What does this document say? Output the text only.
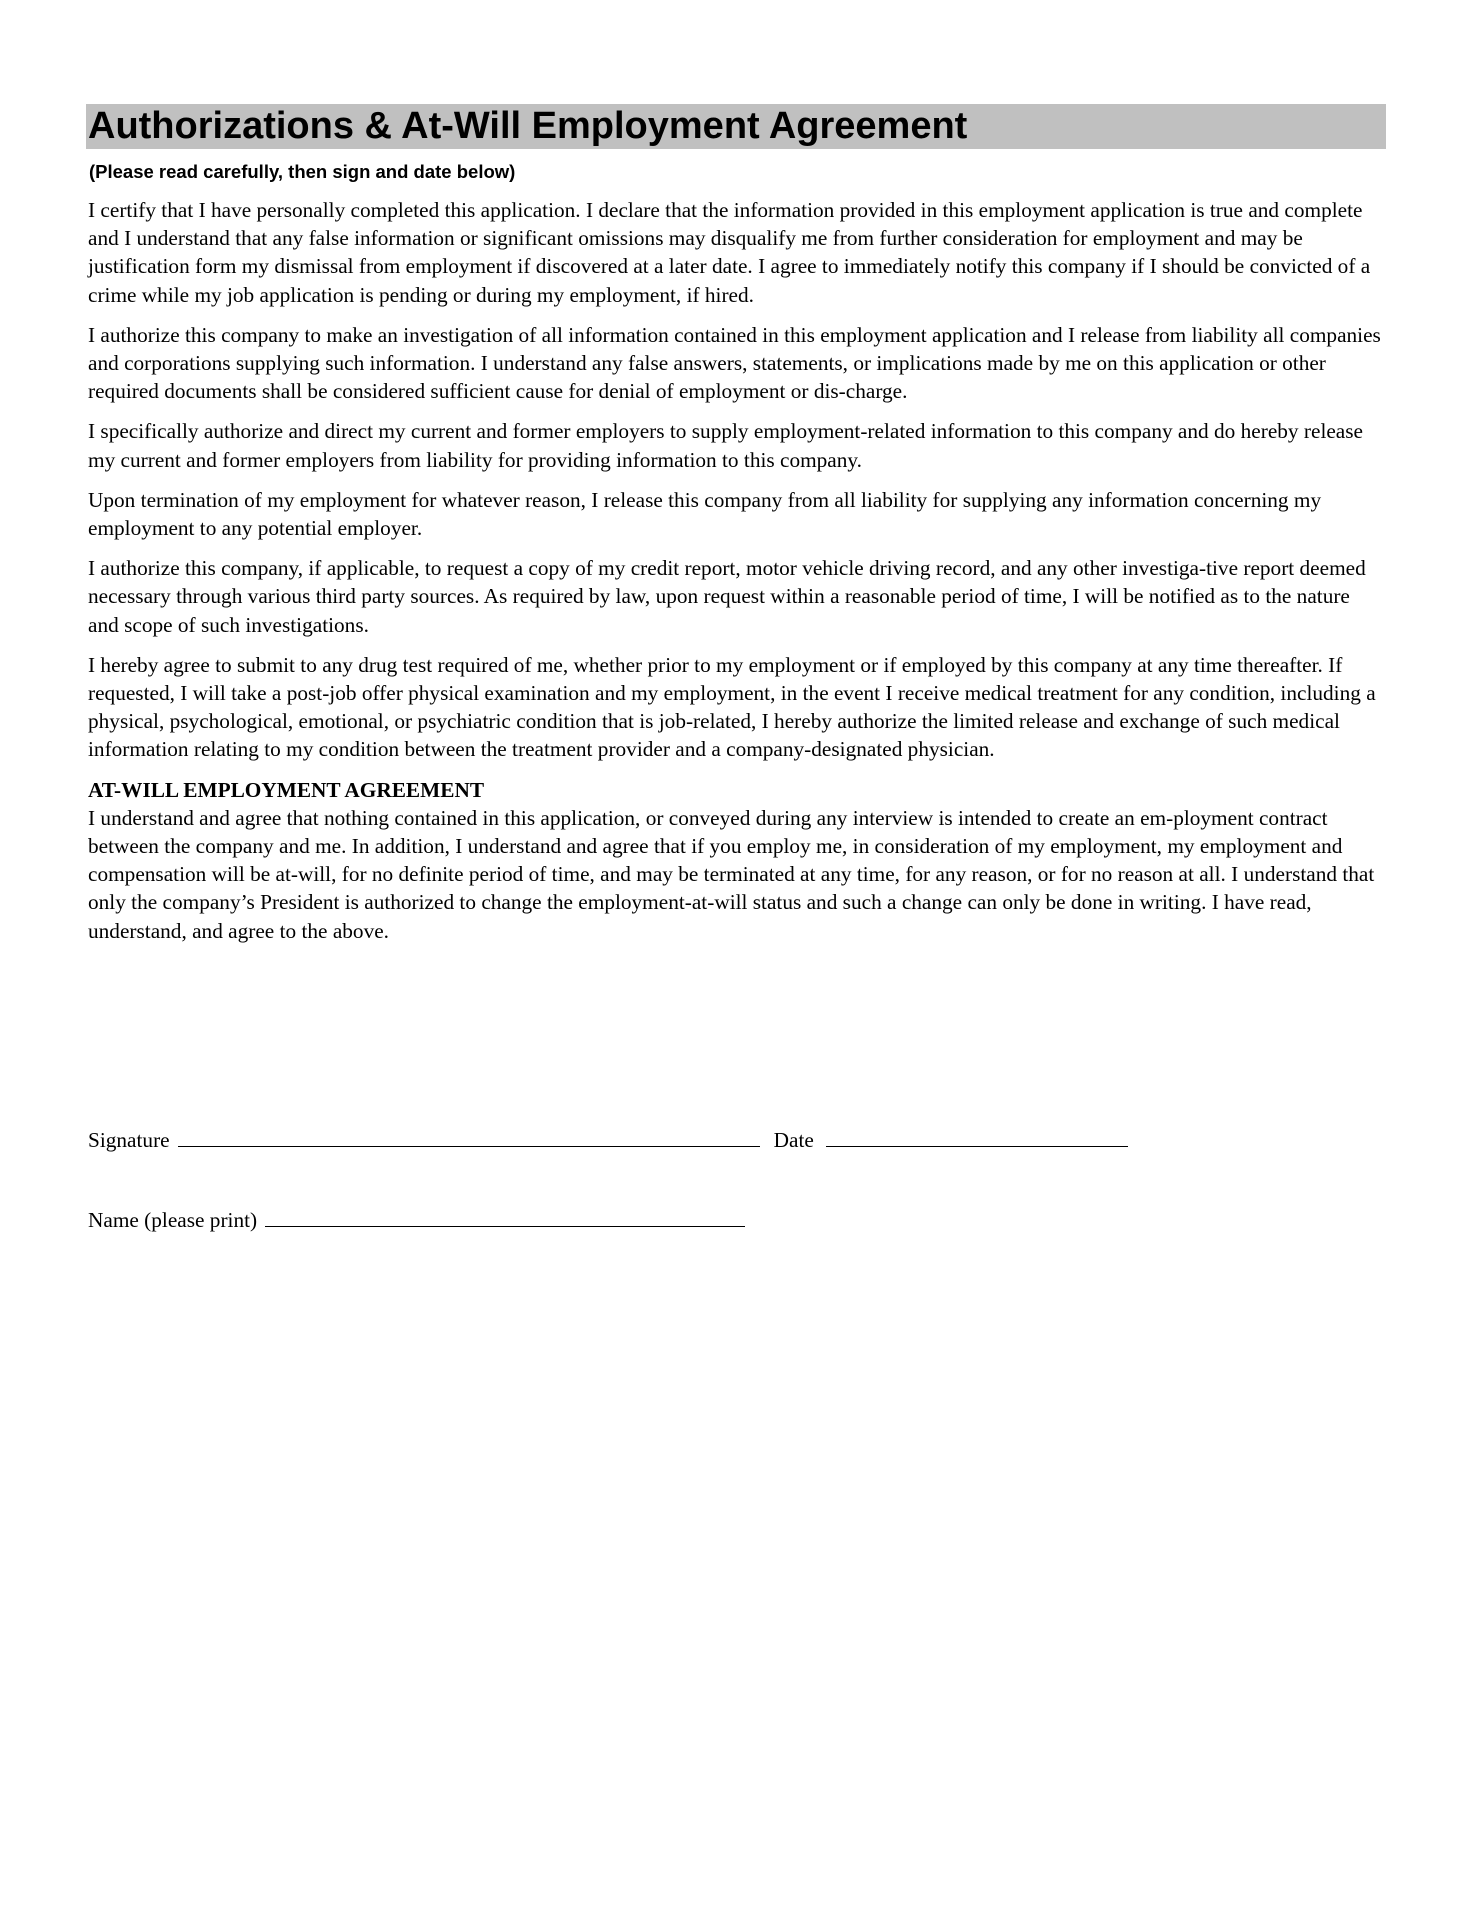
Authorizations & At-Will Employment Agreement
(Please read carefully, then sign and date below)

I certify that I have personally completed this application. I declare that the information provided in this employment application is true and complete and I understand that any false information or significant omissions may disqualify me from further consideration for employment and may be justification form my dismissal from employment if discovered at a later date. I agree to immediately notify this company if I should be convicted of a crime while my job application is pending or during my employment, if hired.

I authorize this company to make an investigation of all information contained in this employment application and I release from liability all companies and corporations supplying such information. I understand any false answers, statements, or implications made by me on this application or other required documents shall be considered sufficient cause for denial of employment or dis-charge.

I specifically authorize and direct my current and former employers to supply employment-related information to this company and do hereby release my current and former employers from liability for providing information to this company.

Upon termination of my employment for whatever reason, I release this company from all liability for supplying any information concerning my employment to any potential employer.

I authorize this company, if applicable, to request a copy of my credit report, motor vehicle driving record, and any other investiga-tive report deemed necessary through various third party sources. As required by law, upon request within a reasonable period of time, I will be notified as to the nature and scope of such investigations.

I hereby agree to submit to any drug test required of me, whether prior to my employment or if employed by this company at any time thereafter. If requested, I will take a post-job offer physical examination and my employment, in the event I receive medical treatment for any condition, including a physical, psychological, emotional, or psychiatric condition that is job-related, I hereby authorize the limited release and exchange of such medical information relating to my condition between the treatment provider and a company-designated physician.

AT-WILL EMPLOYMENT AGREEMENT

I understand and agree that nothing contained in this application, or conveyed during any interview is intended to create an em-ployment contract between the company and me. In addition, I understand and agree that if you employ me, in consideration of my employment, my employment and compensation will be at-will, for no definite period of time, and may be terminated at any time, for any reason, or for no reason at all. I understand that only the company’s President is authorized to change the employment-at-will status and such a change can only be done in writing. I have read, understand, and agree to the above.

Signature	Date
Name (please print)
